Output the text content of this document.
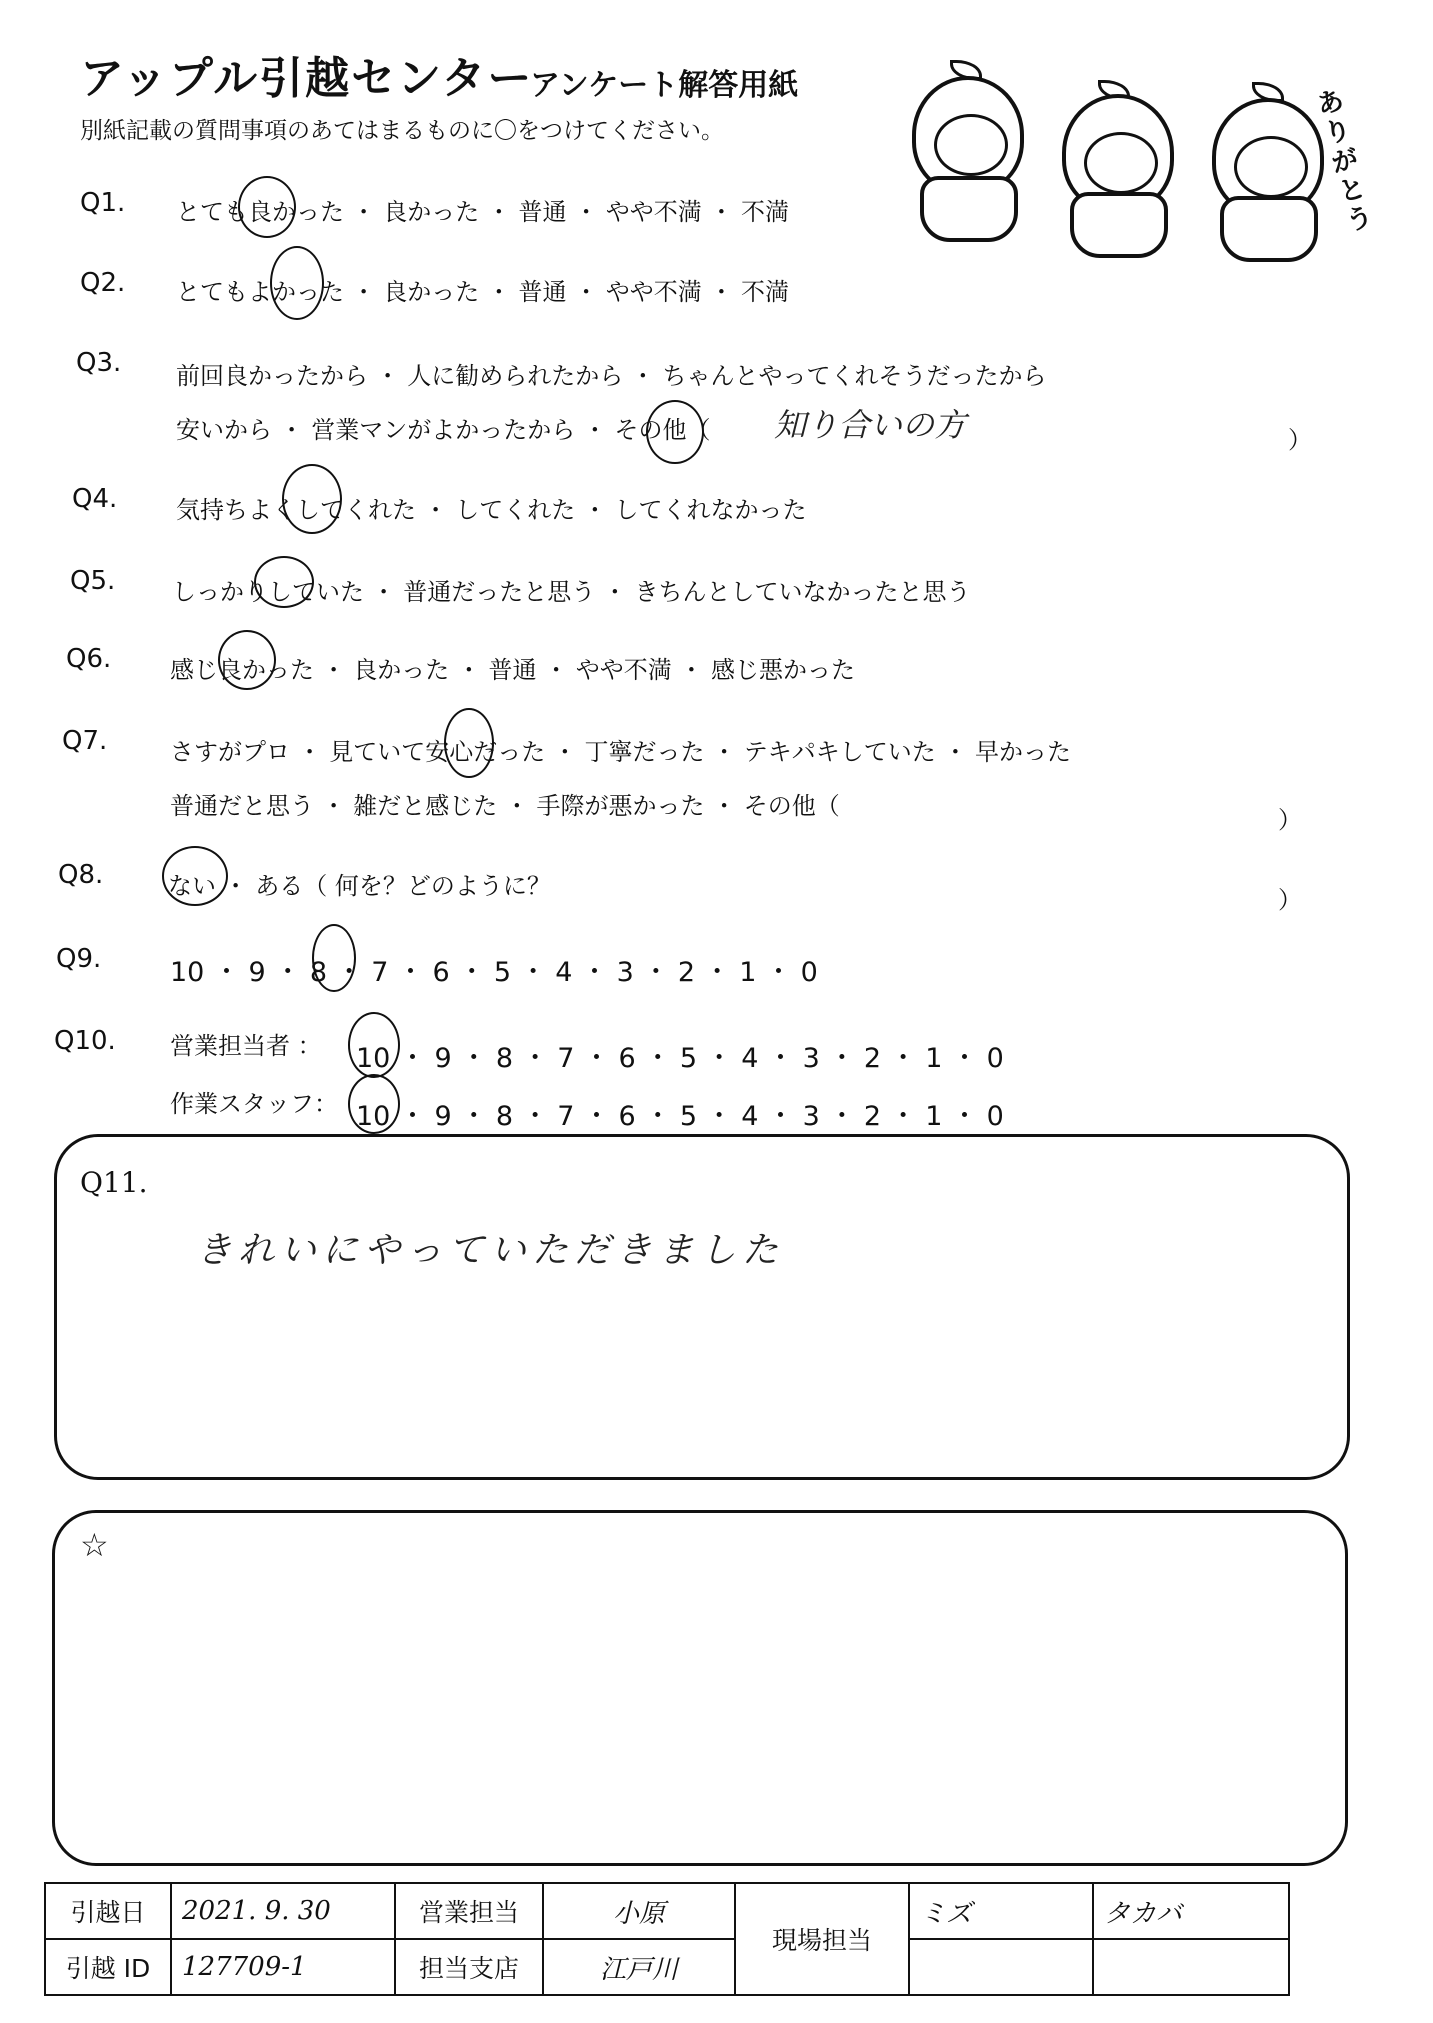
アップル引越センター
アンケート解答用紙
別紙記載の質問事項のあてはまるものに〇をつけてください。
ありがとう
Q1. とても良かった ・ 良かった ・ 普通 ・ やや不満 ・ 不満
Q2. とてもよかった ・ 良かった ・ 普通 ・ やや不満 ・ 不満
Q3. 前回良かったから ・ 人に勧められたから ・ ちゃんとやってくれそうだったから
安いから ・ 営業マンがよかったから ・ その他（ 知り合いの方	）
Q4. 気持ちよくしてくれた ・ してくれた ・ してくれなかった
Q5. しっかりしていた ・ 普通だったと思う ・ きちんとしていなかったと思う
Q6. 感じ良かった ・ 良かった ・ 普通 ・ やや不満 ・ 感じ悪かった
Q7.	さすがプロ ・ 見ていて安心だった ・ 丁寧だった ・ テキパキしていた ・ 早かった
普通だと思う ・ 雑だと感じた ・ 手際が悪かった ・ その他（	）
Q8.	ない ・ ある（ 何を？どのように？	）
Q9.	10 ・ 9 ・ 8 ・ 7 ・ 6 ・ 5 ・ 4 ・ 3 ・ 2 ・ 1 ・ 0
Q10. 営業担当者 ： 10 ・ 9 ・ 8 ・ 7 ・ 6 ・ 5 ・ 4 ・ 3 ・ 2 ・ 1 ・ 0
作業スタッフ： 10 ・ 9 ・ 8 ・ 7 ・ 6 ・ 5 ・ 4 ・ 3 ・ 2 ・ 1 ・ 0
Q11.
きれいにやっていただきました
☆
引越日	2021. 9. 30	営業担当	小原	現場担当	ミズ	タカバ
引越 ID	127709-1	担当支店	江戸川			
